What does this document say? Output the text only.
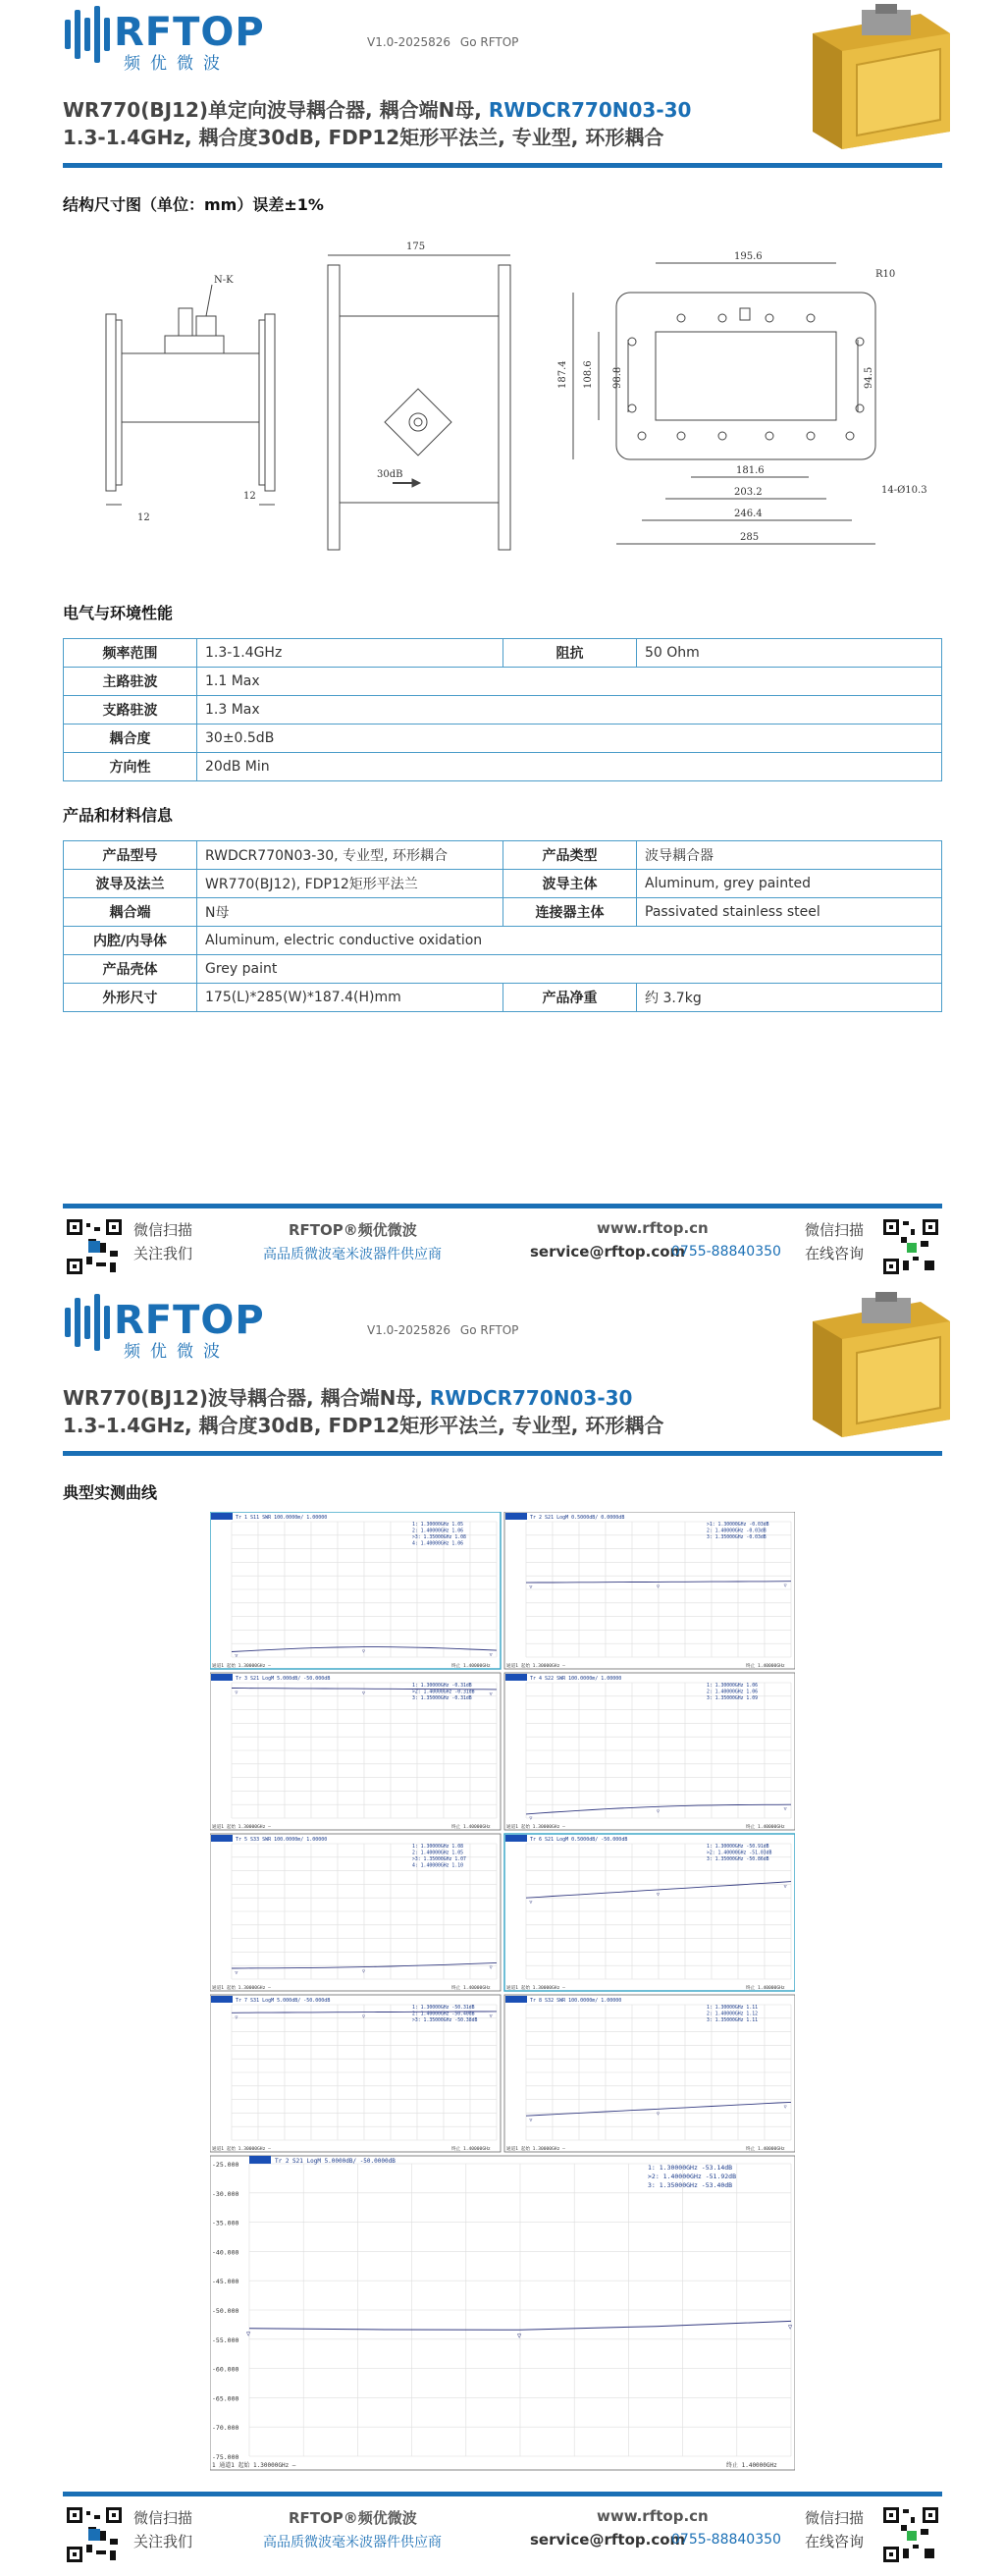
RFTOP
频优微波
V1.0-2025826 Go RFTOP
WR770(BJ12)单定向波导耦合器, 耦合端N母, RWDCR770N03-30
1.3-1.4GHz, 耦合度30dB, FDP12矩形平法兰, 专业型, 环形耦合
结构尺寸图（单位：mm）误差±1%
N-K
12
12
175
30dB
195.6
187.4 108.6 98.8	94.5
181.6
203.2
246.4
285
R10
14-Ø10.3
电气与环境性能
频率范围	1.3-1.4GHz	阻抗	50 Ohm
主路驻波	1.1 Max		
支路驻波	1.3 Max		
耦合度	30±0.5dB		
方向性	20dB Min		
产品和材料信息
产品型号	RWDCR770N03-30, 专业型, 环形耦合	产品类型	波导耦合器
波导及法兰	WR770(BJ12), FDP12矩形平法兰	波导主体	Aluminum, grey painted
耦合端	N母	连接器主体	Passivated stainless steel
内腔/内导体	Aluminum, electric conductive oxidation		
产品壳体	Grey paint		
外形尺寸	175(L)*285(W)*187.4(H)mm	产品净重	约 3.7kg
微信扫描
关注我们
RFTOP®频优微波
高品质微波毫米波器件供应商
www.rftop.cn
service@rftop.com
0755-88840350
微信扫描
在线咨询
RFTOP
频优微波
V1.0-2025826 Go RFTOP
WR770(BJ12)波导耦合器, 耦合端N母, RWDCR770N03-30
1.3-1.4GHz, 耦合度30dB, FDP12矩形平法兰, 专业型, 环形耦合
典型实测曲线
Tr 1 S11 SWR 100.0000m/ 1.00000
1: 1.30000GHz 1.05
2: 1.40000GHz 1.06
>3: 1.35000GHz 1.08
4: 1.40000GHz 1.06
▽
▽
▽
通道1 起始 1.30000GHz —	终止 1.40000GHz
Tr 2 S21 LogM 0.5000dB/ 0.0000dB
>1: 1.30000GHz -0.03dB
2: 1.40000GHz -0.03dB
3: 1.35000GHz -0.03dB
▽	▽	▽
通道1 起始 1.30000GHz —	终止 1.40000GHz
Tr 3 S21 LogM 5.000dB/ -50.000dB
1: 1.30000GHz -0.31dB
>2: 1.40000GHz -0.31dB
3: 1.35000GHz -0.31dB
▽	▽	▽
通道1 起始 1.30000GHz —	终止 1.40000GHz
Tr 4 S22 SWR 100.0000m/ 1.00000
1: 1.30000GHz 1.06
2: 1.40000GHz 1.06
3: 1.35000GHz 1.09
▽
▽	▽
通道1 起始 1.30000GHz —	终止 1.40000GHz
Tr 5 S33 SWR 100.0000m/ 1.00000
1: 1.30000GHz 1.08
2: 1.40000GHz 1.05
>3: 1.35000GHz 1.07
4: 1.40000GHz 1.10
▽	▽
▽
通道1 起始 1.30000GHz —	终止 1.40000GHz
Tr 6 S21 LogM 0.5000dB/ -50.000dB
1: 1.30000GHz -50.91dB
>2: 1.40000GHz -51.03dB
3: 1.35000GHz -50.86dB
▽
▽
▽
通道1 起始 1.30000GHz —	终止 1.40000GHz
Tr 7 S31 LogM 5.000dB/ -50.000dB
1: 1.30000GHz -50.31dB
2: 1.40000GHz -50.40dB
>3: 1.35000GHz -50.38dB
▽	▽	▽
通道1 起始 1.30000GHz —	终止 1.40000GHz
Tr 8 S32 SWR 100.0000m/ 1.00000
1: 1.30000GHz 1.11
2: 1.40000GHz 1.12
3: 1.35000GHz 1.11
▽
▽
▽
通道1 起始 1.30000GHz —	终止 1.40000GHz
-25.000
-30.000
-35.000
-40.000
-45.000
-50.000
-55.000
-60.000
-65.000
-70.000
-75.000
Tr 2 S21 LogM 5.0000dB/ -50.0000dB
1: 1.30000GHz -53.14dB
>2: 1.40000GHz -51.92dB
3: 1.35000GHz -53.40dB
▽	▽
▽
1 通道1 起始 1.30000GHz —	终止 1.40000GHz
微信扫描
关注我们
RFTOP®频优微波
高品质微波毫米波器件供应商
www.rftop.cn
service@rftop.com
0755-88840350
微信扫描
在线咨询
